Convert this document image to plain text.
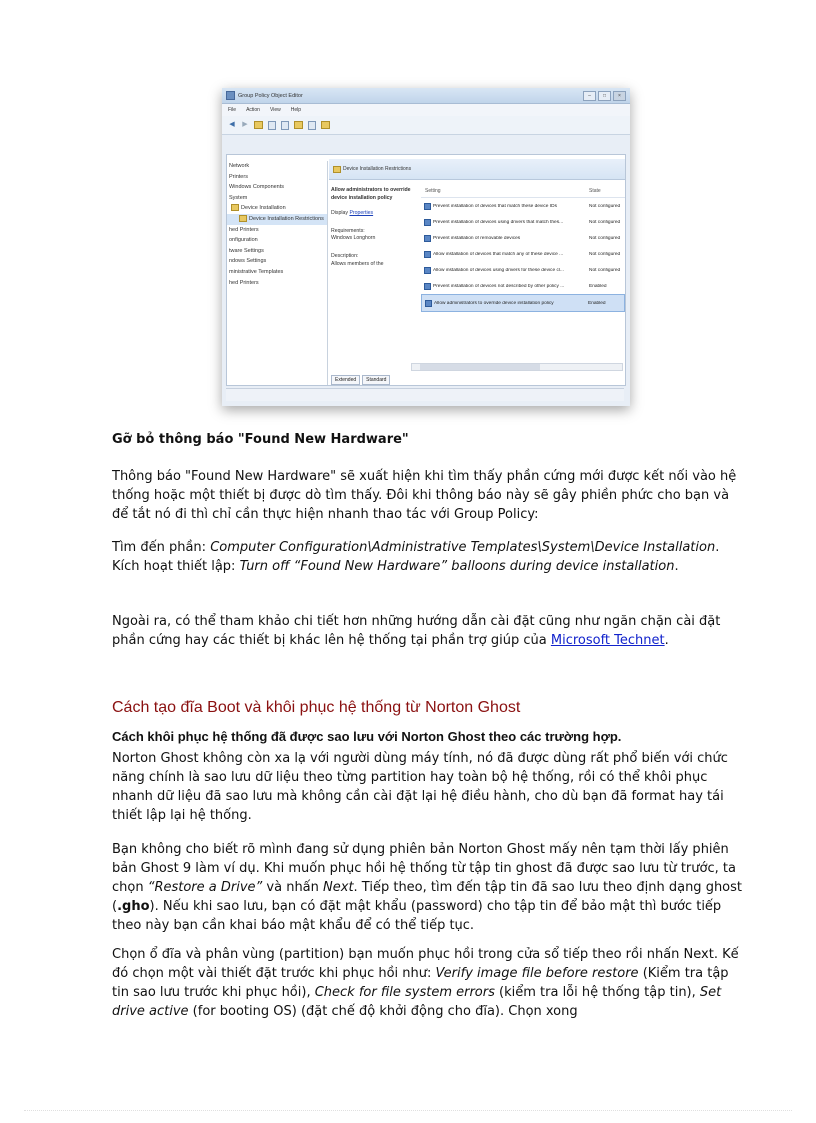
Group Policy Object Editor	–	□	×
File Action View Help
◀ ▶
Network
Printers
Windows Components
System
Device Installation
Device Installation Restrictions
hed Printers
onfiguration
tware Settings
ndows Settings
ministrative Templates
hed Printers
Device Installation Restrictions
Allow administrators to override device installation policy
Display Properties
Requirements:
Windows Longhorn
Description:
Allows members of the
Setting	State
Prevent installation of devices that match these device IDs	Not configured
Prevent installation of devices using drivers that match thes...	Not configured
Prevent installation of removable devices	Not configured
Allow installation of devices that match any of these device ...	Not configured
Allow installation of devices using drivers for these device cl...	Not configured
Prevent installation of devices not described by other policy ...	Enabled
Allow administrators to override device installation policy	Enabled
Extended	Standard
Gỡ bỏ thông báo "Found New Hardware"
Thông báo "Found New Hardware" sẽ xuất hiện khi tìm thấy phần cứng mới được kết nối vào hệ thống hoặc một thiết bị được dò tìm thấy. Đôi khi thông báo này sẽ gây phiền phức cho bạn và để tắt nó đi thì chỉ cần thực hiện nhanh thao tác với Group Policy:
Tìm đến phần: Computer Configuration\Administrative Templates\System\Device Installation. Kích hoạt thiết lập: Turn off “Found New Hardware” balloons during device installation.
Ngoài ra, có thể tham khảo chi tiết hơn những hướng dẫn cài đặt cũng như ngăn chặn cài đặt phần cứng hay các thiết bị khác lên hệ thống tại phần trợ giúp của Microsoft Technet.
Cách tạo đĩa Boot và khôi phục hệ thống từ Norton Ghost
Cách khôi phục hệ thống đã được sao lưu với Norton Ghost theo các trường hợp.
Norton Ghost không còn xa lạ với người dùng máy tính, nó đã được dùng rất phổ biến với chức năng chính là sao lưu dữ liệu theo từng partition hay toàn bộ hệ thống, rồi có thể khôi phục nhanh dữ liệu đã sao lưu mà không cần cài đặt lại hệ điều hành, cho dù bạn đã format hay tái thiết lập lại hệ thống.
Bạn không cho biết rõ mình đang sử dụng phiên bản Norton Ghost mấy nên tạm thời lấy phiên bản Ghost 9 làm ví dụ. Khi muốn phục hồi hệ thống từ tập tin ghost đã được sao lưu từ trước, ta chọn “Restore a Drive” và nhấn Next. Tiếp theo, tìm đến tập tin đã sao lưu theo định dạng ghost (.gho). Nếu khi sao lưu, bạn có đặt mật khẩu (password) cho tập tin để bảo mật thì bước tiếp theo này bạn cần khai báo mật khẩu để có thể tiếp tục.
Chọn ổ đĩa và phân vùng (partition) bạn muốn phục hồi trong cửa sổ tiếp theo rồi nhấn Next. Kế đó chọn một vài thiết đặt trước khi phục hồi như: Verify image file before restore (Kiểm tra tập tin sao lưu trước khi phục hồi), Check for file system errors (kiểm tra lỗi hệ thống tập tin), Set drive active (for booting OS) (đặt chế độ khởi động cho đĩa). Chọn xong
